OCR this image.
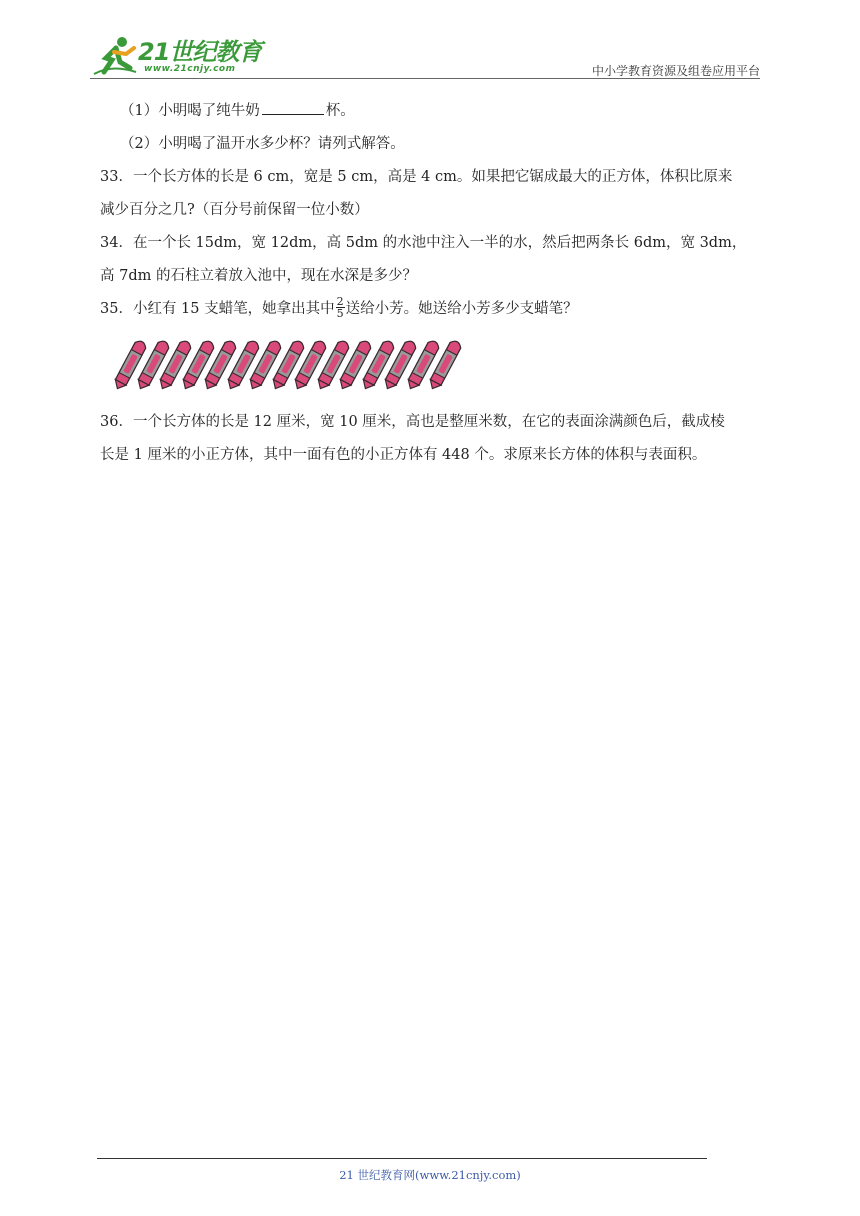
21世纪教育
www.21cnjy.com	中小学教育资源及组卷应用平台
（1）小明喝了纯牛奶	杯。
（2）小明喝了温开水多少杯？请列式解答。
33．一个长方体的长是 6 cm，宽是 5 cm，高是 4 cm。如果把它锯成最大的正方体，体积比原来
减少百分之几?（百分号前保留一位小数）
34．在一个长 15dm，宽 12dm，高 5dm 的水池中注入一半的水，然后把两条长 6dm，宽 3dm，
高 7dm 的石柱立着放入池中，现在水深是多少？
35．小红有 15 支蜡笔，她拿出其中 $\frac{2}{5}$ 送给小芳。她送给小芳多少支蜡笔？
36．一个长方体的长是 12 厘米，宽 10 厘米，高也是整厘米数，在它的表面涂满颜色后，截成棱
长是 1 厘米的小正方体，其中一面有色的小正方体有 448 个。求原来长方体的体积与表面积。
21 世纪教育网(www.21cnjy.com)
